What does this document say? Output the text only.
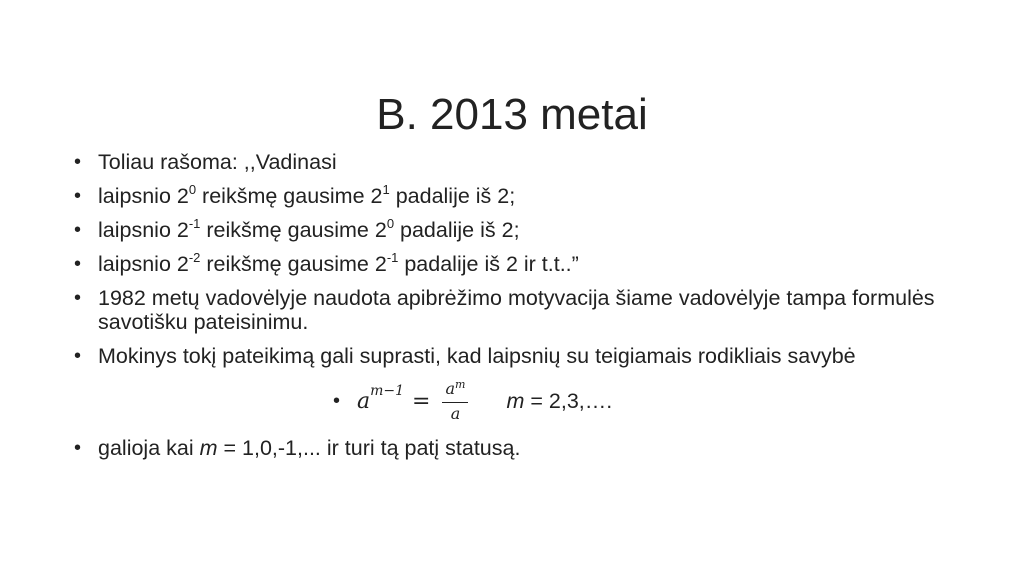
B. 2013 metai
• Toliau rašoma: ,,Vadinasi
• laipsnio $2^0$ reikšmę gausime $2^1$ padalije iš 2;
• laipsnio $2^{-1}$ reikšmę gausime $2^0$ padalije iš 2;
• laipsnio $2^{-2}$ reikšmę gausime $2^{-1}$ padalije iš 2 ir t.t..”
• 1982 metų vadovėlyje naudota apibrėžimo motyvacija šiame vadovėlyje tampa formulės savotišku pateisinimu.
• Mokinys tokį pateikimą gali suprasti, kad laipsnių su teigiamais rodikliais savybė
• a $m-1 = \frac{a^m}{a}$ m = 2,3,….
• galioja kai m = 1,0,-1,... ir turi tą patį statusą.
